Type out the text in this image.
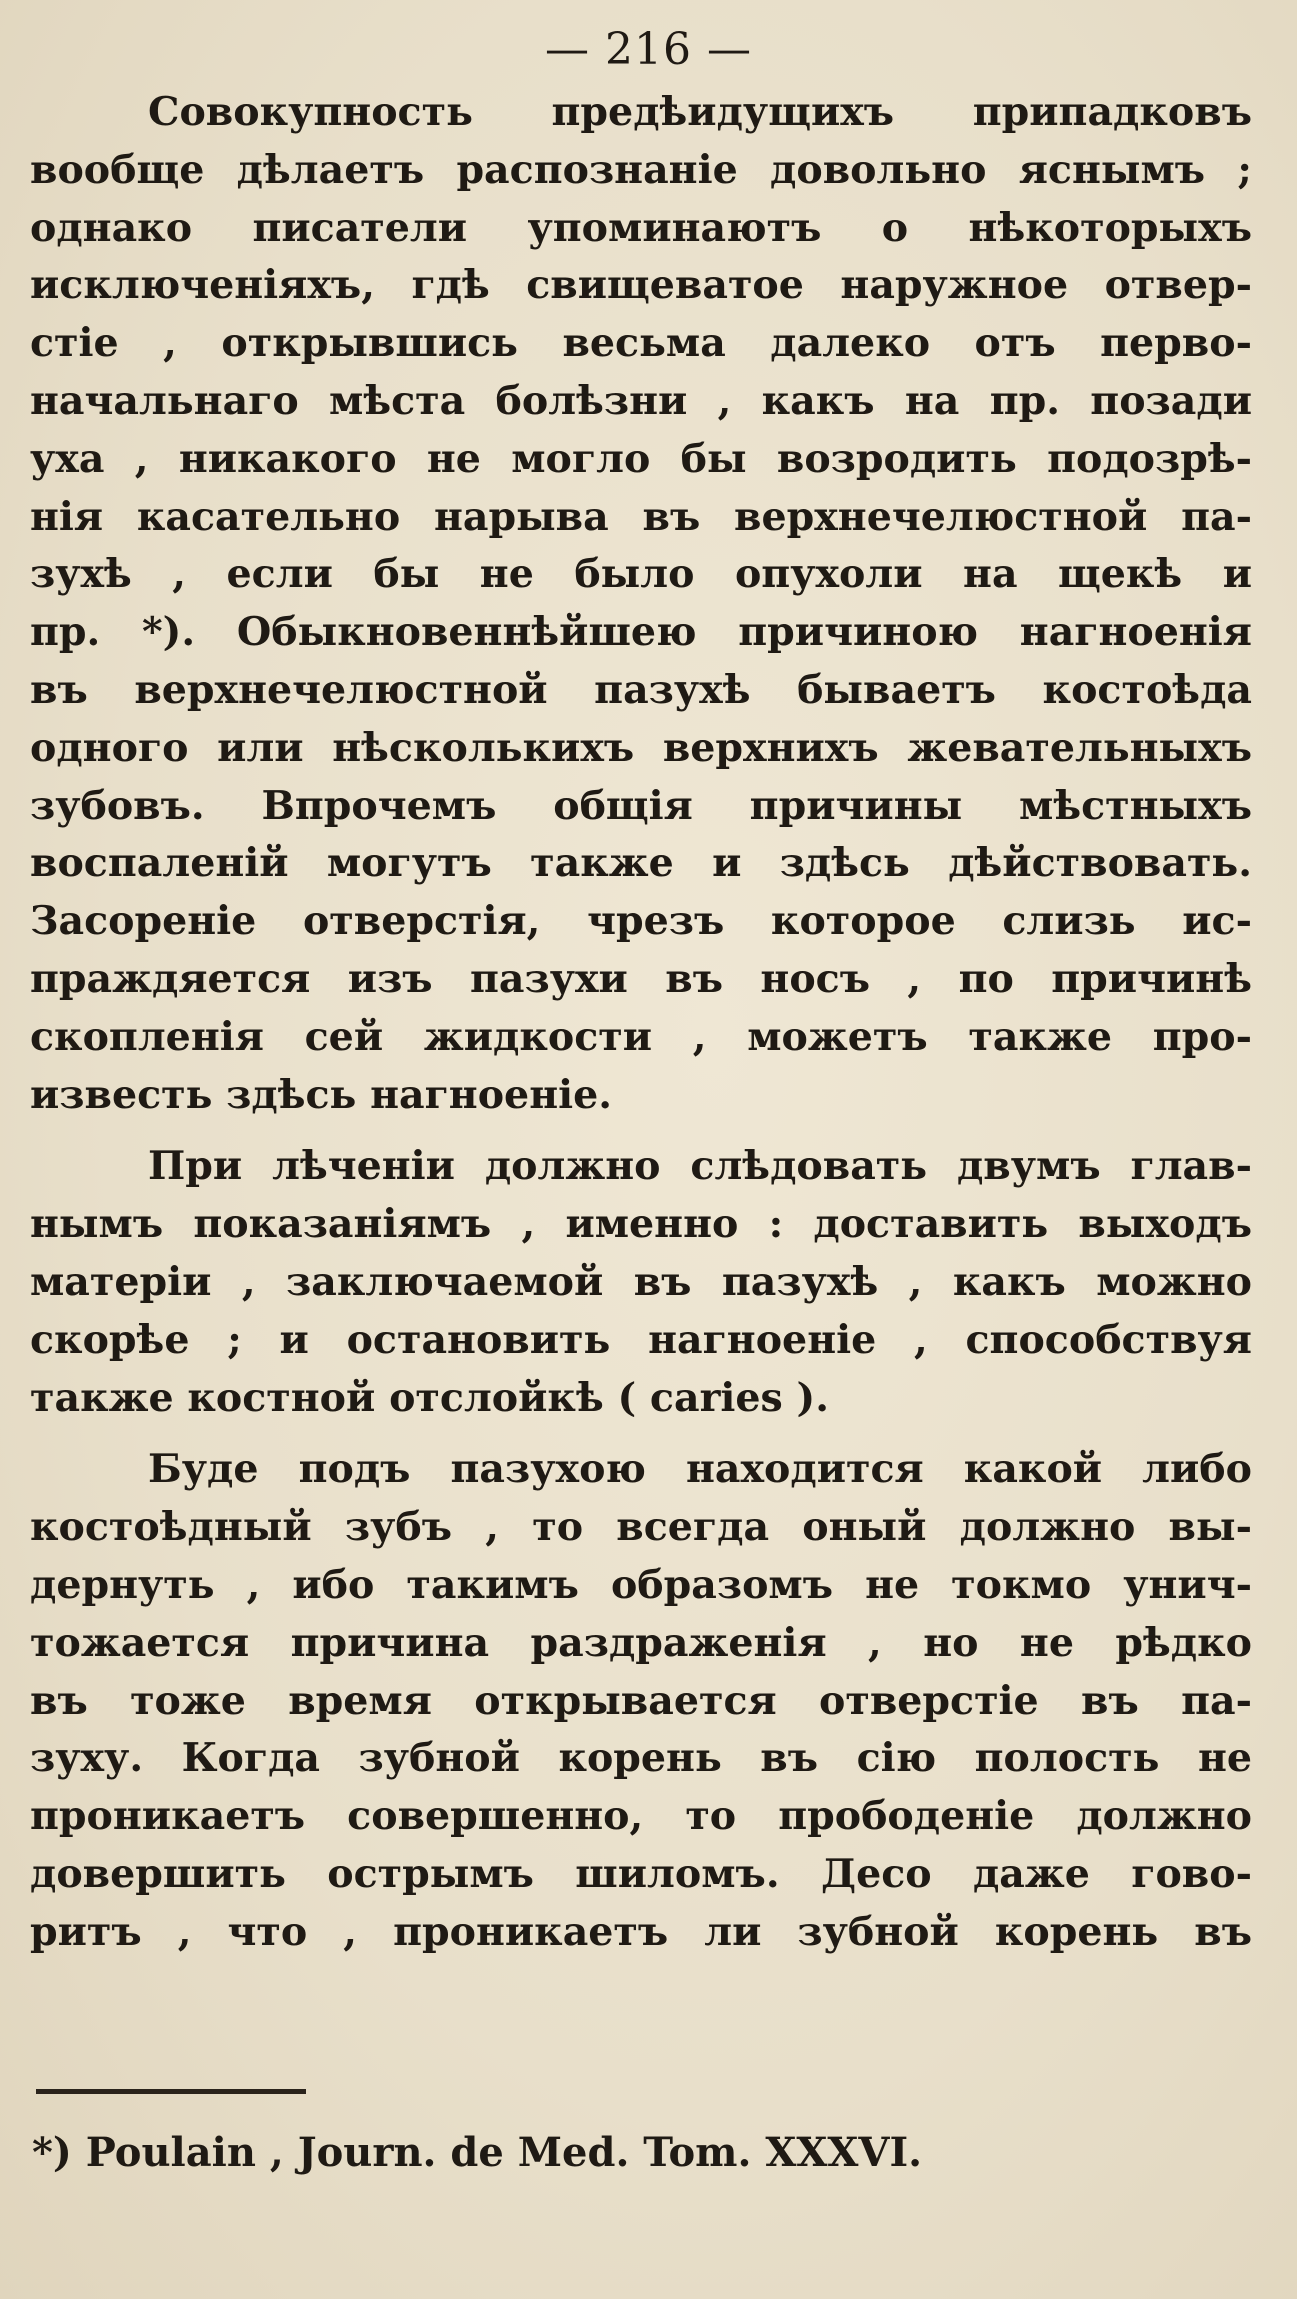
— 216 —
Совокупность предѣидущихъ припадковъ
вообще дѣлаетъ распознаніе довольно яснымъ ;
однако писатели упоминаютъ о нѣкоторыхъ
исключеніяхъ, гдѣ свищеватое наружное отвер-
стіе , открывшись весьма далеко отъ перво-
начальнаго мѣста болѣзни , какъ на пр. позади
уха , никакого не могло бы возродить подозрѣ-
нія касательно нарыва въ верхнечелюстной па-
зухѣ , если бы не было опухоли на щекѣ и
пр. *). Обыкновеннѣйшею причиною нагноенія
въ верхнечелюстной пазухѣ бываетъ костоѣда
одного или нѣсколькихъ верхнихъ жевательныхъ
зубовъ. Впрочемъ общія причины мѣстныхъ
воспаленій могутъ также и здѣсь дѣйствовать.
Засореніе отверстія, чрезъ которое слизь ис-
праждяется изъ пазухи въ носъ , по причинѣ
скопленія сей жидкости , можетъ также про-
известь здѣсь нагноеніе.
При лѣченіи должно слѣдовать двумъ глав-
нымъ показаніямъ , именно : доставить выходъ
матеріи , заключаемой въ пазухѣ , какъ можно
скорѣе ; и остановить нагноеніе , способствуя
также костной отслойкѣ ( caries ).
Буде подъ пазухою находится какой либо
костоѣдный зубъ , то всегда оный должно вы-
дернуть , ибо такимъ образомъ не токмо унич-
тожается причина раздраженія , но не рѣдко
въ тоже время открывается отверстіе въ па-
зуху. Когда зубной корень въ сію полость не
проникаетъ совершенно, то прободеніе должно
довершить острымъ шиломъ. Десо даже гово-
ритъ , что , проникаетъ ли зубной корень въ
*) Poulain , Journ. de Med. Tom. XXXVI.
